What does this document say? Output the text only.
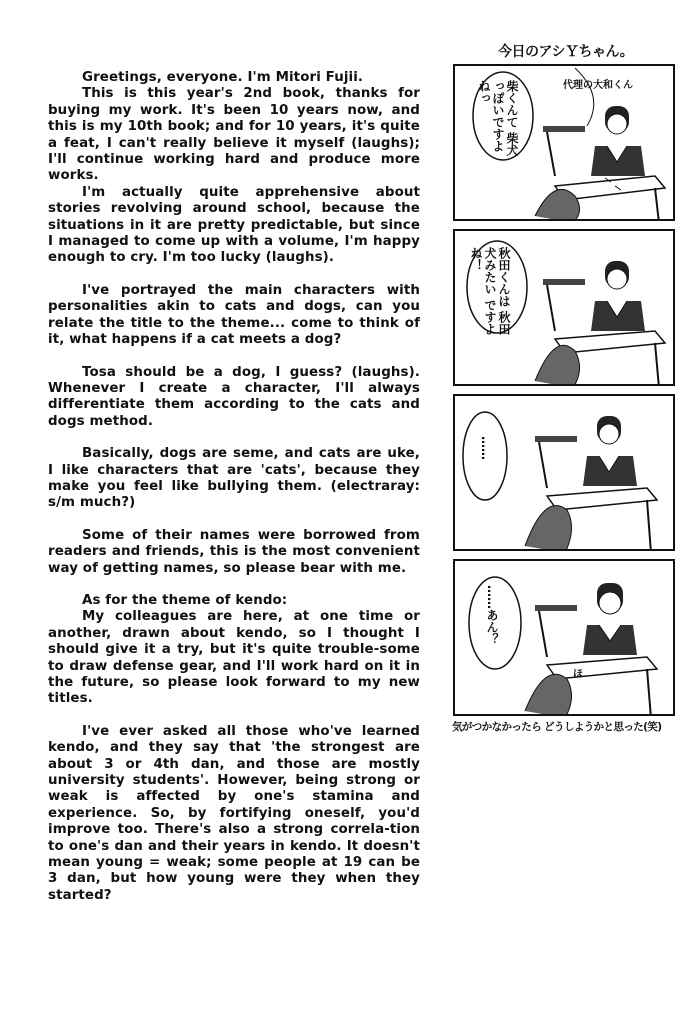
Greetings, everyone. I'm Mitori Fujii.

This is this year's 2nd book, thanks for buying my work. It's been 10 years now, and this is my 10th book; and for 10 years, it's quite a feat, I can't really believe it myself (laughs); I'll continue working hard and produce more works.

I'm actually quite apprehensive about stories revolving around school, because the situations in it are pretty predictable, but since I managed to come up with a volume, I'm happy enough to cry. I'm too lucky (laughs).

I've portrayed the main characters with personalities akin to cats and dogs, can you relate the title to the theme... come to think of it, what happens if a cat meets a dog?

Tosa should be a dog, I guess? (laughs). Whenever I create a character, I'll always differentiate them according to the cats and dogs method.

Basically, dogs are seme, and cats are uke, I like characters that are 'cats', because they make you feel like bullying them. (electraray: s/m much?)

Some of their names were borrowed from readers and friends, this is the most convenient way of getting names, so please bear with me.

As for the theme of kendo:

My colleagues are here, at one time or another, drawn about kendo, so I thought I should give it a try, but it's quite trouble-some to draw defense gear, and I'll work hard on it in the future, so please look forward to my new titles.

I've ever asked all those who've learned kendo, and they say that 'the strongest are about 3 or 4th dan, and those are mostly university students'. However, being strong or weak is affected by one's stamina and experience. So, by fortifying oneself, you'd improve too. There's also a strong correla-tion to one's dan and their years in kendo. It doesn't mean young = weak; some people at 19 can be 3 dan, but how young were they when they started?

今日のアシＹちゃん。
柴くんて 柴犬っぽいですよねっ	代理の大和くん
秋田くんは 秋田犬みたい ですよね！
……
……あん？
ほ
気がつかなかったら どうしようかと思った(笑)
